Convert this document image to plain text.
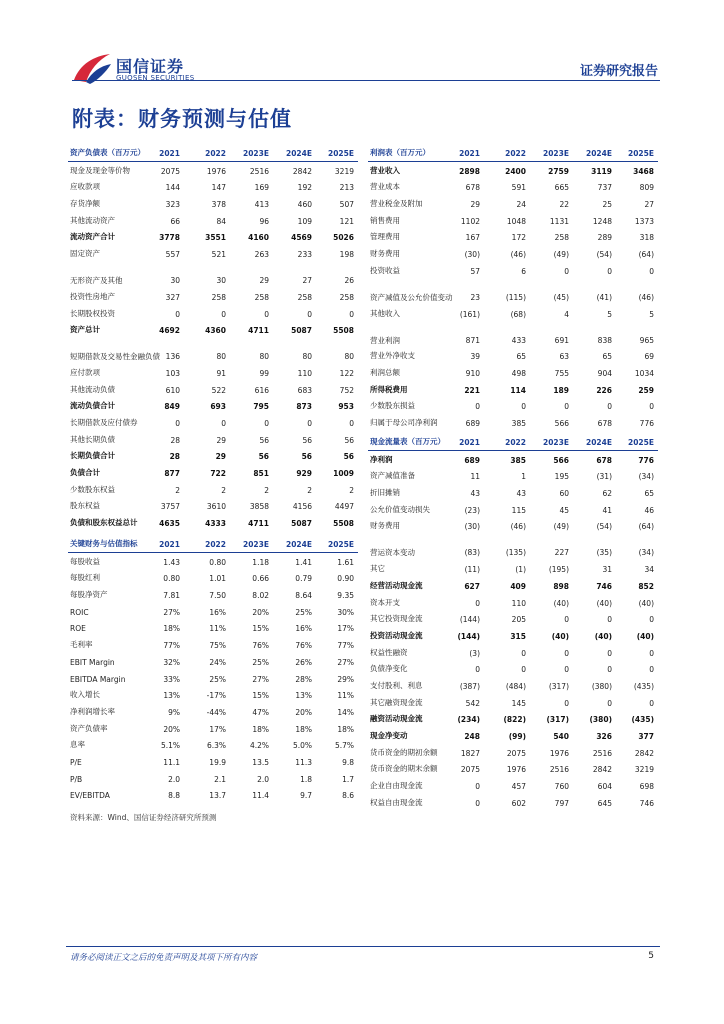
国信证券
GUOSEN SECURITIES	证券研究报告
附表：财务预测与估值
资产负债表（百万元） 2021	2022 2023E 2024E 2025E
现金及现金等价物	2075	1976	2516	2842	3219
应收款项	144	147	169	192	213
存货净额	323	378	413	460	507
其他流动资产	66	84	96	109	121
流动资产合计	3778	3551	4160	4569	5026
固定资产	557	521	263	233	198
无形资产及其他	30	30	29	27	26
投资性房地产	327	258	258	258	258
长期股权投资	0	0	0	0	0
资产总计	4692	4360	4711	5087	5508
短期借款及交易性金融负债 136	80	80	80	80
应付款项	103	91	99	110	122
其他流动负债	610	522	616	683	752
流动负债合计	849	693	795	873	953
长期借款及应付债券	0	0	0	0	0
其他长期负债	28	29	56	56	56
长期负债合计	28	29	56	56	56
负债合计	877	722	851	929	1009
少数股东权益	2	2	2	2	2
股东权益	3757	3610	3858	4156	4497
负债和股东权益总计	4635	4333	4711	5087	5508
关键财务与估值指标	2021	2022 2023E 2024E 2025E
每股收益	1.43	0.80	1.18	1.41	1.61
每股红利	0.80	1.01	0.66	0.79	0.90
每股净资产	7.81	7.50	8.02	8.64	9.35
ROIC	27%	16%	20%	25%	30%
ROE	18%	11%	15%	16%	17%
毛利率	77%	75%	76%	76%	77%
EBIT Margin	32%	24%	25%	26%	27%
EBITDA Margin	33%	25%	27%	28%	29%
收入增长	13%	-17%	15%	13%	11%
净利润增长率	9%	-44%	47%	20%	14%
资产负债率	20%	17%	18%	18%	18%
息率	5.1%	6.3%	4.2%	5.0%	5.7%
P/E	11.1	19.9	13.5	11.3	9.8
P/B	2.0	2.1	2.0	1.8	1.7
EV/EBITDA	8.8	13.7	11.4	9.7	8.6
利润表（百万元）	2021	2022 2023E 2024E 2025E
营业收入	2898	2400	2759	3119	3468
营业成本	678	591	665	737	809
营业税金及附加	29	24	22	25	27
销售费用	1102	1048	1131	1248	1373
管理费用	167	172	258	289	318
财务费用	(30)	(46)	(49)	(54)	(64)
投资收益	57	6	0	0	0
资产减值及公允价值变动	23	(115)	(45)	(41)	(46)
其他收入	(161)	(68)	4	5	5
营业利润	871	433	691	838	965
营业外净收支	39	65	63	65	69
利润总额	910	498	755	904	1034
所得税费用	221	114	189	226	259
少数股东损益	0	0	0	0	0
归属于母公司净利润	689	385	566	678	776
现金流量表（百万元） 2021	2022 2023E 2024E 2025E
净利润	689	385	566	678	776
资产减值准备	11	1	195	(31)	(34)
折旧摊销	43	43	60	62	65
公允价值变动损失	(23)	115	45	41	46
财务费用	(30)	(46)	(49)	(54)	(64)
营运资本变动	(83)	(135)	227	(35)	(34)
其它	(11)	(1)	(195)	31	34
经营活动现金流	627	409	898	746	852
资本开支	0	110	(40)	(40)	(40)
其它投资现金流	(144)	205	0	0	0
投资活动现金流	(144)	315	(40)	(40)	(40)
权益性融资	(3)	0	0	0	0
负债净变化	0	0	0	0	0
支付股利、利息	(387)	(484)	(317)	(380)	(435)
其它融资现金流	542	145	0	0	0
融资活动现金流	(234)	(822)	(317)	(380)	(435)
现金净变动	248	(99)	540	326	377
货币资金的期初余额	1827	2075	1976	2516	2842
货币资金的期末余额	2075	1976	2516	2842	3219
企业自由现金流	0	457	760	604	698
权益自由现金流	0	602	797	645	746
资料来源：Wind、国信证券经济研究所预测
请务必阅读正文之后的免责声明及其项下所有内容	5
